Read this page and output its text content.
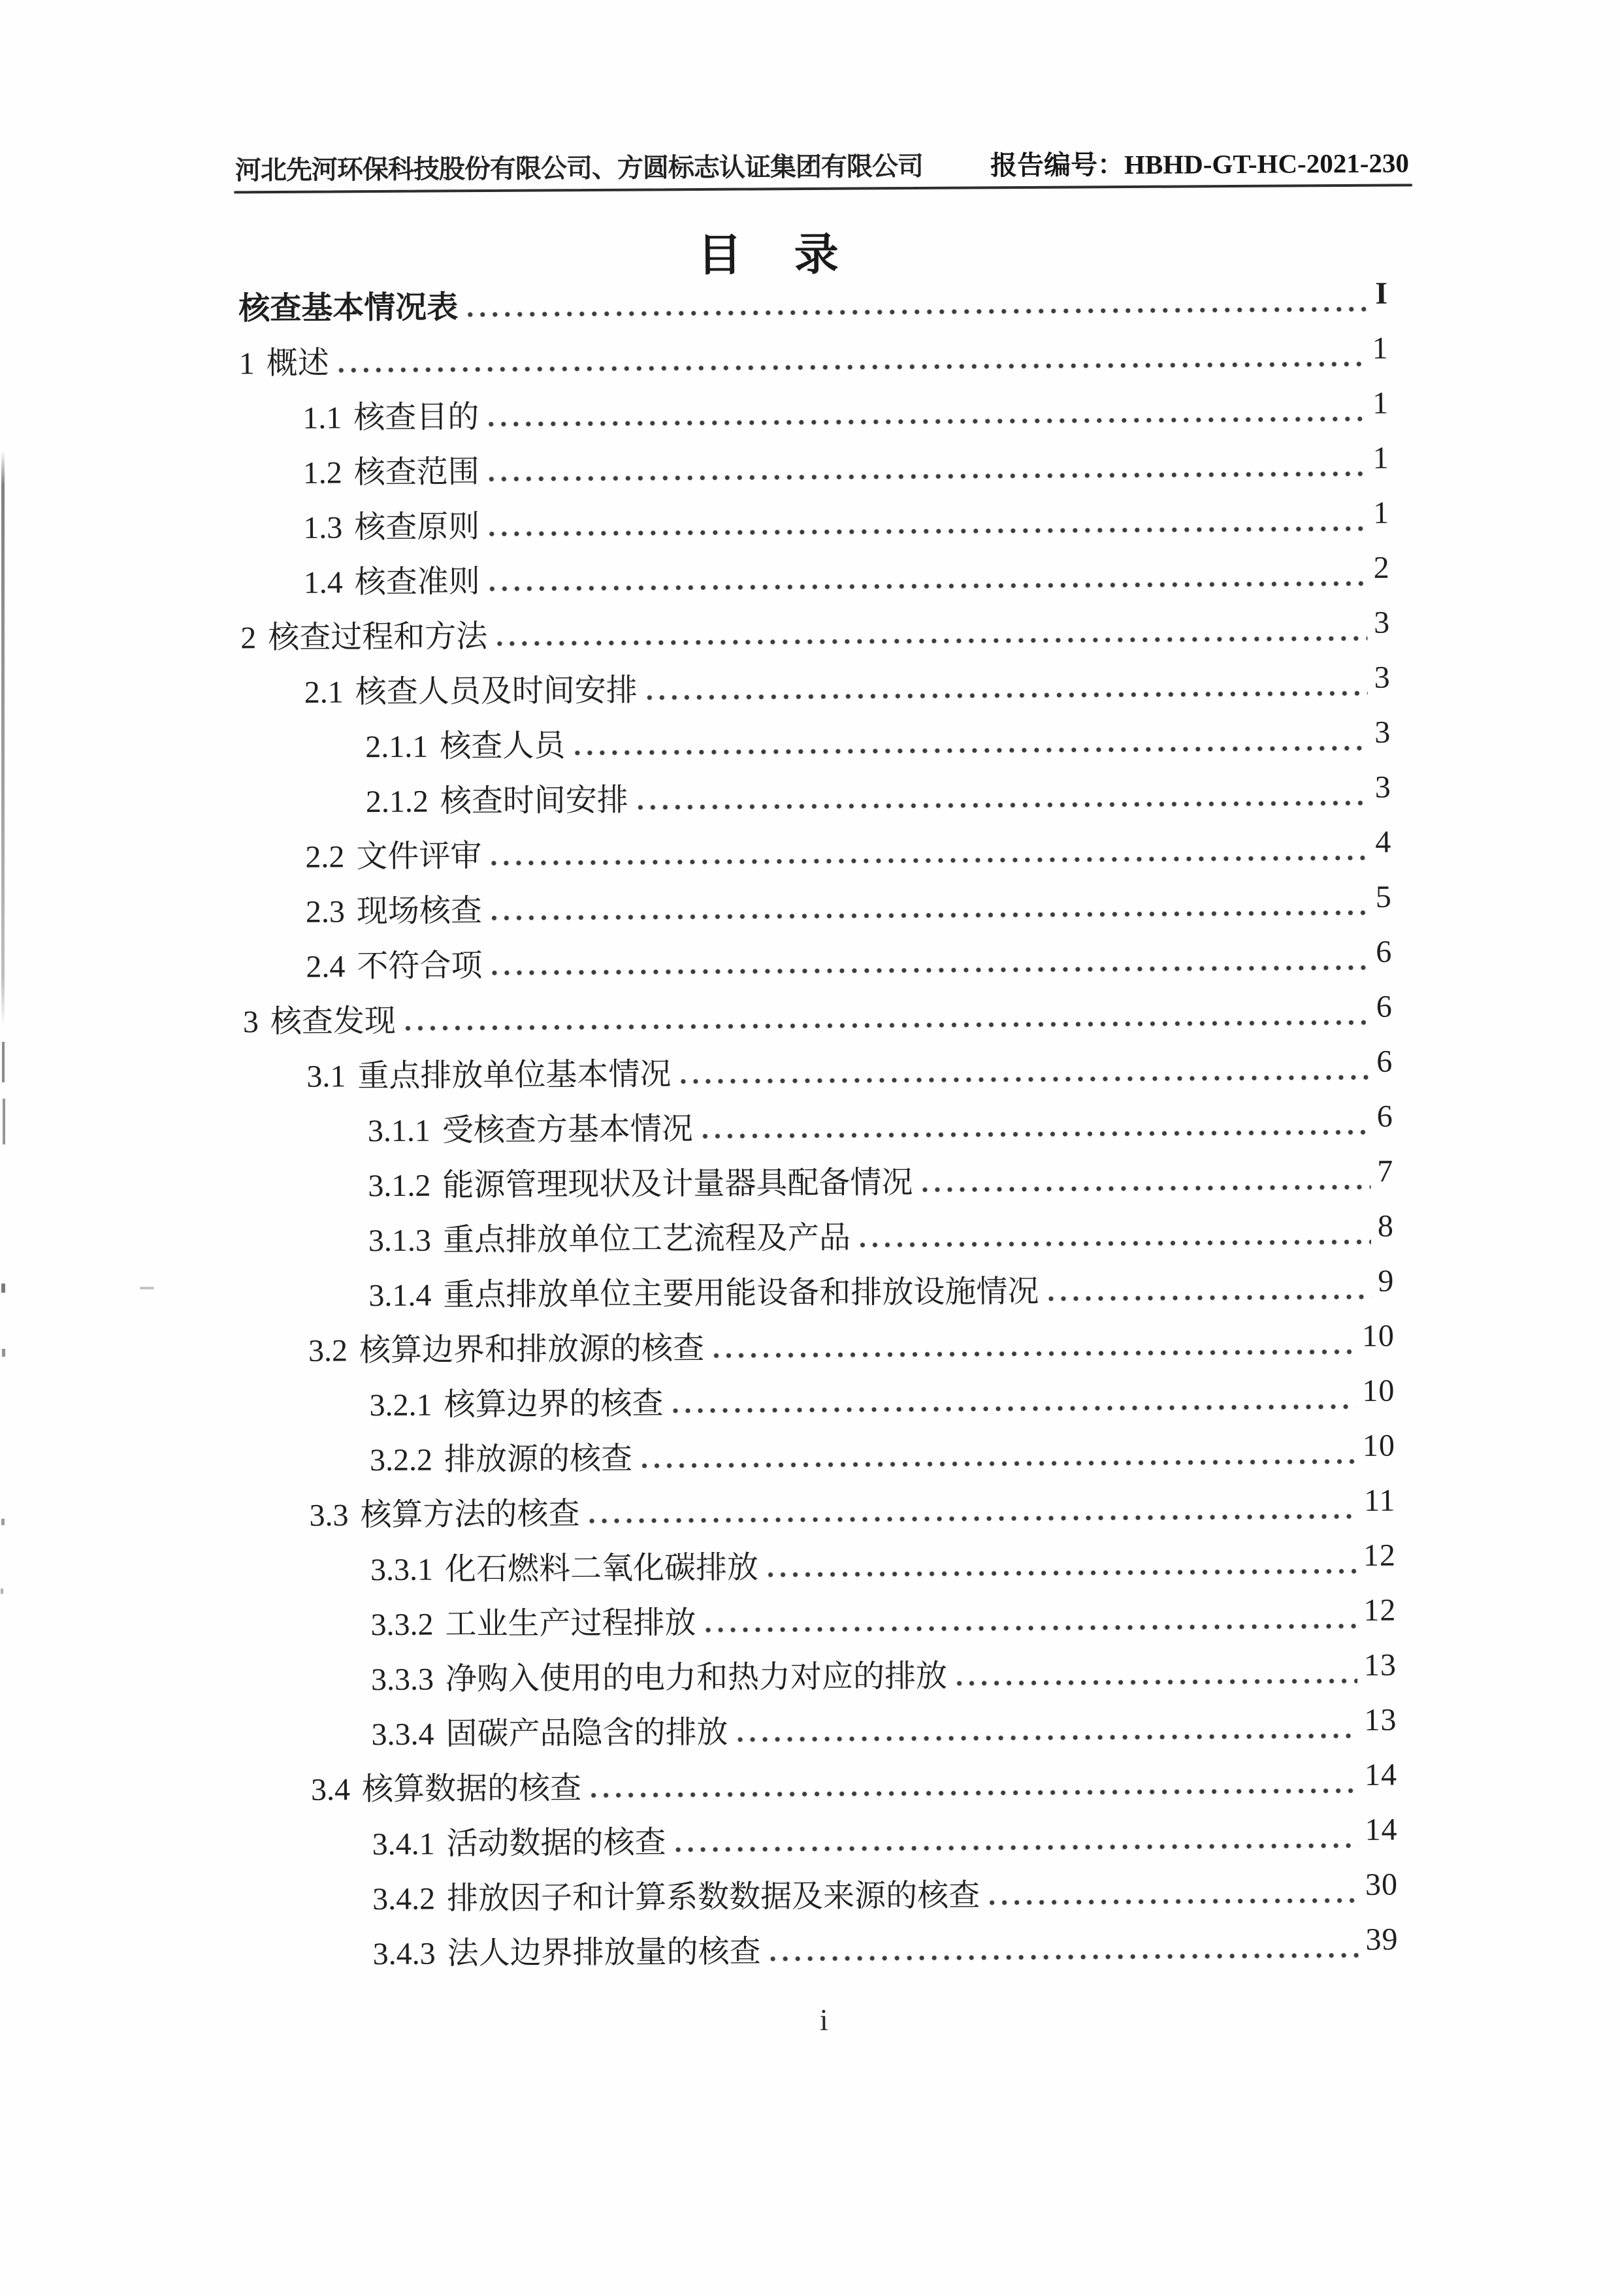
河北先河环保科技股份有限公司、方圆标志认证集团有限公司	报告编号：HBHD-GT-HC-2021-230
目　录
核查基本情况表	I
1 概述	1
1.1 核查目的	1
1.2 核查范围	1
1.3 核查原则	1
1.4 核查准则	2
2 核查过程和方法	3
2.1 核查人员及时间安排	3
2.1.1 核查人员	3
2.1.2 核查时间安排	3
2.2 文件评审	4
2.3 现场核查	5
2.4 不符合项	6
3 核查发现	6
3.1 重点排放单位基本情况	6
3.1.1 受核查方基本情况	6
3.1.2 能源管理现状及计量器具配备情况	7
3.1.3 重点排放单位工艺流程及产品	8
3.1.4 重点排放单位主要用能设备和排放设施情况	9
3.2 核算边界和排放源的核查	10
3.2.1 核算边界的核查	10
3.2.2 排放源的核查	10
3.3 核算方法的核查	11
3.3.1 化石燃料二氧化碳排放	12
3.3.2 工业生产过程排放	12
3.3.3 净购入使用的电力和热力对应的排放	13
3.3.4 固碳产品隐含的排放	13
3.4 核算数据的核查	14
3.4.1 活动数据的核查	14
3.4.2 排放因子和计算系数数据及来源的核查	30
3.4.3 法人边界排放量的核查	39
i
